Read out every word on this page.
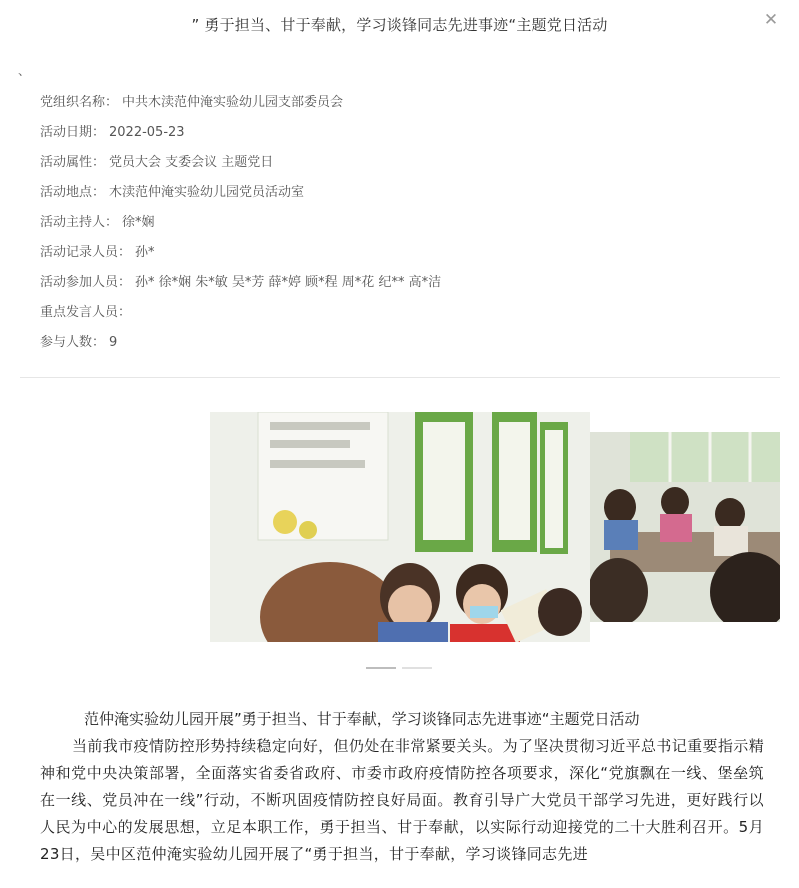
” 勇于担当、甘于奉献，学习谈锋同志先进事迹“主题党日活动	✕
、
党组织名称： 中共木渎范仲淹实验幼儿园支部委员会
活动日期： 2022-05-23
活动属性： 党员大会 支委会议 主题党日
活动地点： 木渎范仲淹实验幼儿园党员活动室
活动主持人： 徐*娴
活动记录人员： 孙*
活动参加人员： 孙* 徐*娴 朱*敏 吴*芳 薛*婷 顾*程 周*花 纪** 高*洁
重点发言人员：
参与人数： 9
范仲淹实验幼儿园开展”勇于担当、甘于奉献，学习谈锋同志先进事迹“主题党日活动

当前我市疫情防控形势持续稳定向好，但仍处在非常紧要关头。为了坚决贯彻习近平总书记重要指示精神和党中央决策部署，全面落实省委省政府、市委市政府疫情防控各项要求，深化“党旗飘在一线、堡垒筑在一线、党员冲在一线”行动，不断巩固疫情防控良好局面。教育引导广大党员干部学习先进，更好践行以人民为中心的发展思想，立足本职工作，勇于担当、甘于奉献，以实际行动迎接党的二十大胜利召开。5月23日，吴中区范仲淹实验幼儿园开展了“勇于担当，甘于奉献，学习谈锋同志先进
